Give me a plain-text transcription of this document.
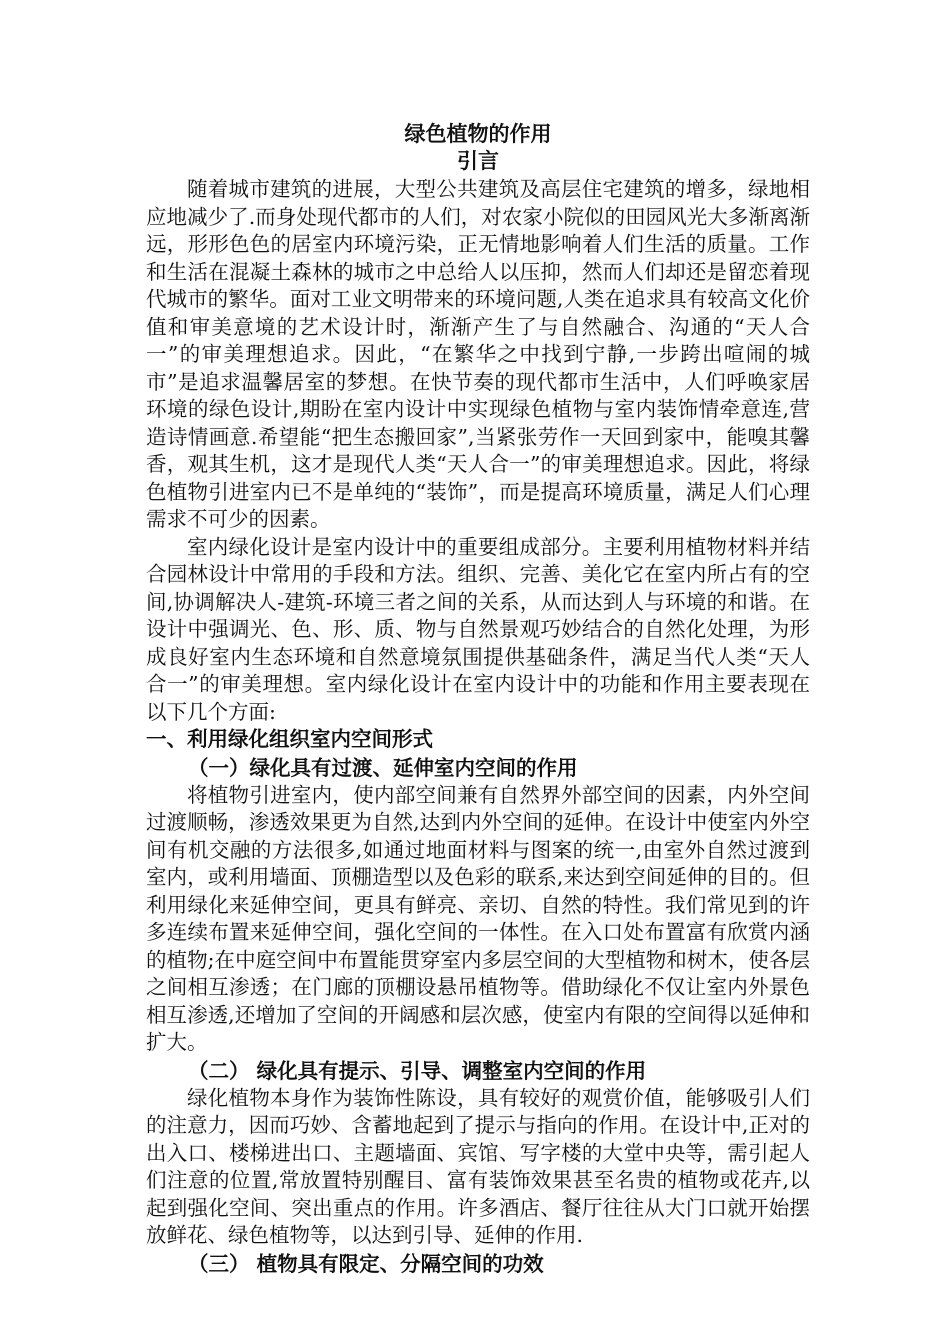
绿色植物的作用
引言

随着城市建筑的进展，大型公共建筑及高层住宅建筑的增多，绿地相应地减少了.而身处现代都市的人们，对农家小院似的田园风光大多渐离渐远，形形色色的居室内环境污染，正无情地影响着人们生活的质量。工作和生活在混凝土森林的城市之中总给人以压抑，然而人们却还是留恋着现代城市的繁华。面对工业文明带来的环境问题,人类在追求具有较高文化价值和审美意境的艺术设计时，渐渐产生了与自然融合、沟通的“天人合一”的审美理想追求。因此，“在繁华之中找到宁静,一步跨出喧闹的城市”是追求温馨居室的梦想。在快节奏的现代都市生活中，人们呼唤家居环境的绿色设计,期盼在室内设计中实现绿色植物与室内装饰情牵意连,营造诗情画意.希望能“把生态搬回家”,当紧张劳作一天回到家中，能嗅其馨香，观其生机，这才是现代人类“天人合一”的审美理想追求。因此，将绿色植物引进室内已不是单纯的“装饰”，而是提高环境质量，满足人们心理需求不可少的因素。

室内绿化设计是室内设计中的重要组成部分。主要利用植物材料并结合园林设计中常用的手段和方法。组织、完善、美化它在室内所占有的空间,协调解决人-建筑-环境三者之间的关系，从而达到人与环境的和谐。在设计中强调光、色、形、质、物与自然景观巧妙结合的自然化处理，为形成良好室内生态环境和自然意境氛围提供基础条件，满足当代人类“天人合一”的审美理想。室内绿化设计在室内设计中的功能和作用主要表现在以下几个方面:

一、利用绿化组织室内空间形式
（一）绿化具有过渡、延伸室内空间的作用

将植物引进室内，使内部空间兼有自然界外部空间的因素，内外空间过渡顺畅，渗透效果更为自然,达到内外空间的延伸。在设计中使室内外空间有机交融的方法很多,如通过地面材料与图案的统一,由室外自然过渡到室内，或利用墙面、顶棚造型以及色彩的联系,来达到空间延伸的目的。但利用绿化来延伸空间，更具有鲜亮、亲切、自然的特性。我们常见到的许多连续布置来延伸空间，强化空间的一体性。在入口处布置富有欣赏内涵的植物;在中庭空间中布置能贯穿室内多层空间的大型植物和树木，使各层之间相互渗透；在门廊的顶棚设悬吊植物等。借助绿化不仅让室内外景色相互渗透,还增加了空间的开阔感和层次感，使室内有限的空间得以延伸和扩大。

（二） 绿化具有提示、引导、调整室内空间的作用

绿化植物本身作为装饰性陈设，具有较好的观赏价值，能够吸引人们的注意力，因而巧妙、含蓄地起到了提示与指向的作用。在设计中,正对的出入口、楼梯进出口、主题墙面、宾馆、写字楼的大堂中央等，需引起人们注意的位置,常放置特别醒目、富有装饰效果甚至名贵的植物或花卉,以起到强化空间、突出重点的作用。许多酒店、餐厅往往从大门口就开始摆放鲜花、绿色植物等，以达到引导、延伸的作用.

（三） 植物具有限定、分隔空间的功效
